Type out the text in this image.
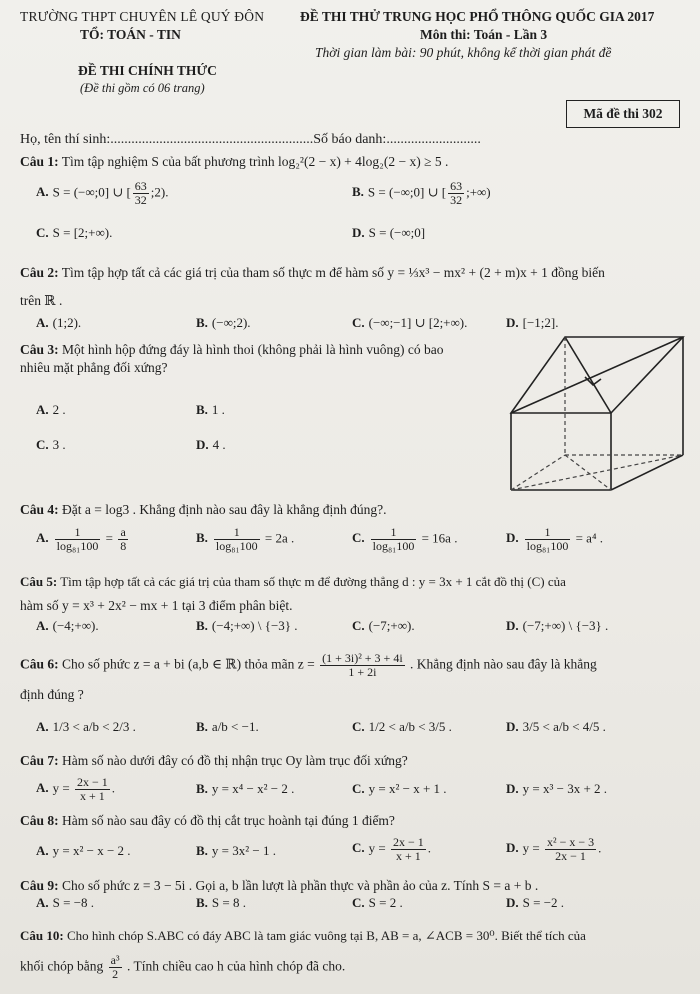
TRƯỜNG THPT CHUYÊN LÊ QUÝ ĐÔN
TỔ: TOÁN - TIN
ĐỀ THI CHÍNH THỨC
(Đề thi gồm có 06 trang)
ĐỀ THI THỬ TRUNG HỌC PHỔ THÔNG QUỐC GIA 2017
Môn thi: Toán - Lần 3
Thời gian làm bài: 90 phút, không kể thời gian phát đề
Mã đề thi 302
Họ, tên thí sinh:..........................................................Số báo danh:...........................
Câu 1: Tìm tập nghiệm S của bất phương trình log₂²(2 − x) + 4log₂(2 − x) ≥ 5 .
A. S = (−∞;0] ∪ [ $\frac{63}{32}$ ;2).	B. S = (−∞;0] ∪ [ $\frac{63}{32}$ ;+∞)
C. S = [2;+∞).	D. S = (−∞;0]
Câu 2: Tìm tập hợp tất cả các giá trị của tham số thực m để hàm số y = ⅓x³ − mx² + (2 + m)x + 1 đồng biến
trên ℝ .
A. (1;2).	B. (−∞;2).	C. (−∞;−1] ∪ [2;+∞).	D. [−1;2].
Câu 3: Một hình hộp đứng đáy là hình thoi (không phải là hình vuông) có bao
nhiêu mặt phẳng đối xứng?
A. 2 .	B. 1 .
C. 3 .	D. 4 .
Câu 4: Đặt a = log3 . Khẳng định nào sau đây là khẳng định đúng?.
A. $\frac{1}{\text{log₈₁100}} = \frac{a}{8}$	B. $\frac{1}{\text{log₈₁100}} = 2a$ .	C. $\frac{1}{\text{log₈₁100}} = 16a$ .	D. $\frac{1}{\text{log₈₁100}} = a^4$ .
Câu 5: Tìm tập hợp tất cả các giá trị của tham số thực m để đường thẳng d : y = 3x + 1 cắt đồ thị (C) của
hàm số y = x³ + 2x² − mx + 1 tại 3 điểm phân biệt.
A. (−4;+∞).	B. (−4;+∞) \ {−3} .	C. (−7;+∞).	D. (−7;+∞) \ {−3} .
Câu 6: Cho số phức z = a + bi (a,b ∈ ℝ) thỏa mãn $z = \frac{\text{(1 + 3i)² + 3 + 4i}}{1 + 2i}$ . Khẳng định nào sau đây là khẳng
định đúng ?
A. 1/3 < a/b < 2/3 .	B. a/b < −1.	C. 1/2 < a/b < 3/5 .	D. 3/5 < a/b < 4/5 .
Câu 7: Hàm số nào dưới đây có đồ thị nhận trục Oy làm trục đối xứng?
A. $y = \frac{2x - 1}{x + 1}$ .	B. y = x⁴ − x² − 2 .	C. y = x² − x + 1 .	D. y = x³ − 3x + 2 .
Câu 8: Hàm số nào sau đây có đồ thị cắt trục hoành tại đúng 1 điểm?
A. y = x² − x − 2 .	B. y = 3x² − 1 .	C. $y = \frac{2x - 1}{x + 1}$ .	D. $y = \frac{\text{x² − x − 3}}{2x - 1}$ .
Câu 9: Cho số phức z = 3 − 5i . Gọi a, b lần lượt là phần thực và phần ảo của z. Tính S = a + b .
A. S = −8 .	B. S = 8 .	C. S = 2 .	D. S = −2 .
Câu 10: Cho hình chóp S.ABC có đáy ABC là tam giác vuông tại B, AB = a, ∠ACB = 30⁰. Biết thể tích của
khối chóp bằng $\frac{\text{a³}}{2}$ . Tính chiều cao h của hình chóp đã cho.
